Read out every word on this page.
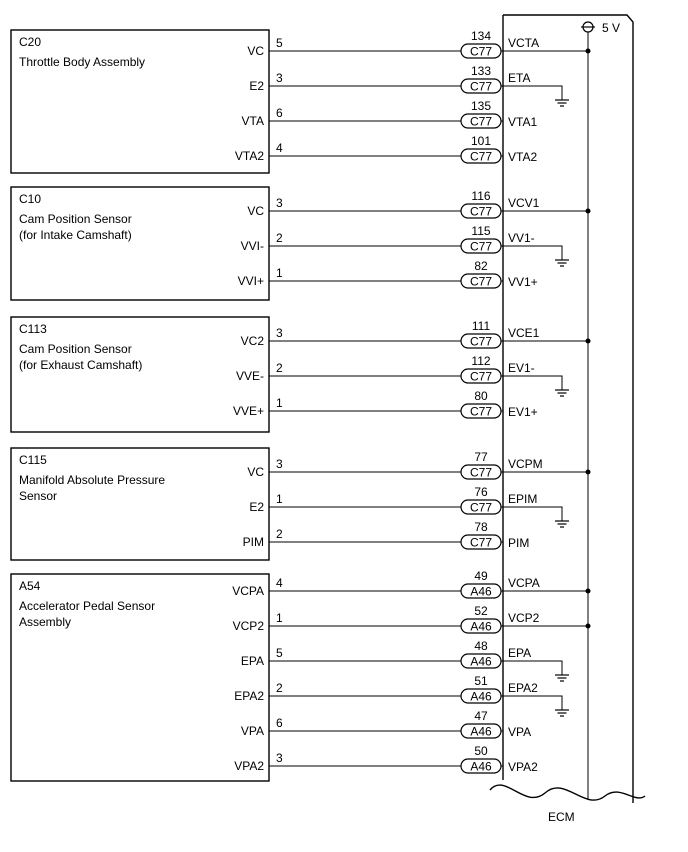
5 V
ECM
C20
Throttle Body Assembly
VC
5
C77
134 VCTA
E2
3
C77
133 ETA
VTA
6
C77
135
VTA1
VTA2
4
C77
101
VTA2
C10
Cam Position Sensor
(for Intake Camshaft)
VC
3
C77
116 VCV1
VVI-
2
C77
115 VV1-
VVI+
1
C77
82
VV1+
C113
Cam Position Sensor
(for Exhaust Camshaft)
VC2
3
C77
111 VCE1
VVE-
2
C77
112 EV1-
VVE+
1
C77
80
EV1+
C115
Manifold Absolute Pressure
Sensor
VC
3
C77
77 VCPM
E2
1
C77
76 EPIM
PIM
2
C77
78
PIM
A54
Accelerator Pedal Sensor
Assembly
VCPA
4
A46
49 VCPA
VCP2
1
A46
52 VCP2
EPA
5
A46
48 EPA
EPA2
2
A46
51 EPA2
VPA
6
A46
47
VPA
VPA2
3
A46
50
VPA2
